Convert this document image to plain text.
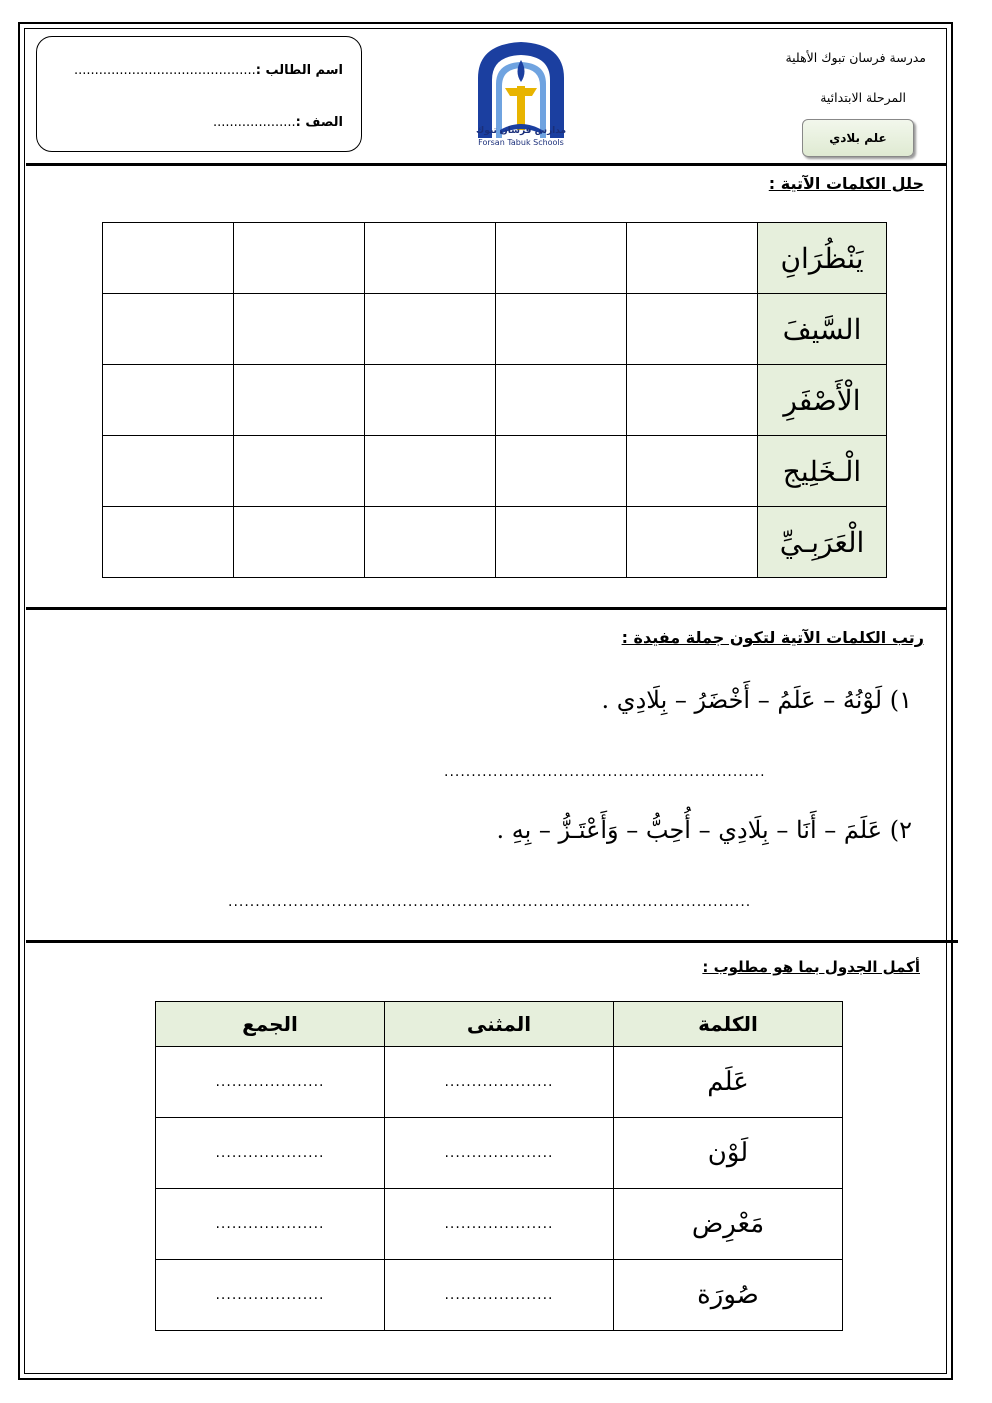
اسم الطالب :............................................
الصف :....................
مدارس فرسان تبوك
Forsan Tabuk Schools
مدرسة فرسان تبوك الأهلية
المرحلة الابتدائية
علم بلادي
حلل الكلمات الآتية :
					يَنْظُرَانِ
					السَّيفَ
					الْأَصْفَرِ
					الْـخَلِيج
					الْعَرَبِـيِّ
رتب الكلمات الآتية لتكون جملة مفيدة :
١) لَوْنُهُ – عَلَمُ – أَخْضَرُ – بِلَادِي .
...........................................................
٢) عَلَمَ – أَنَا – بِلَادِي – أُحِبُّ – وَأَعْتَـزُّ – بِهِ .
................................................................................................
أكمل الجدول بما هو مطلوب :
الكلمة	المثنى	الجمع
عَلَم	....................	....................
لَوْن	....................	....................
مَعْرِض	....................	....................
صُورَة	....................	....................
